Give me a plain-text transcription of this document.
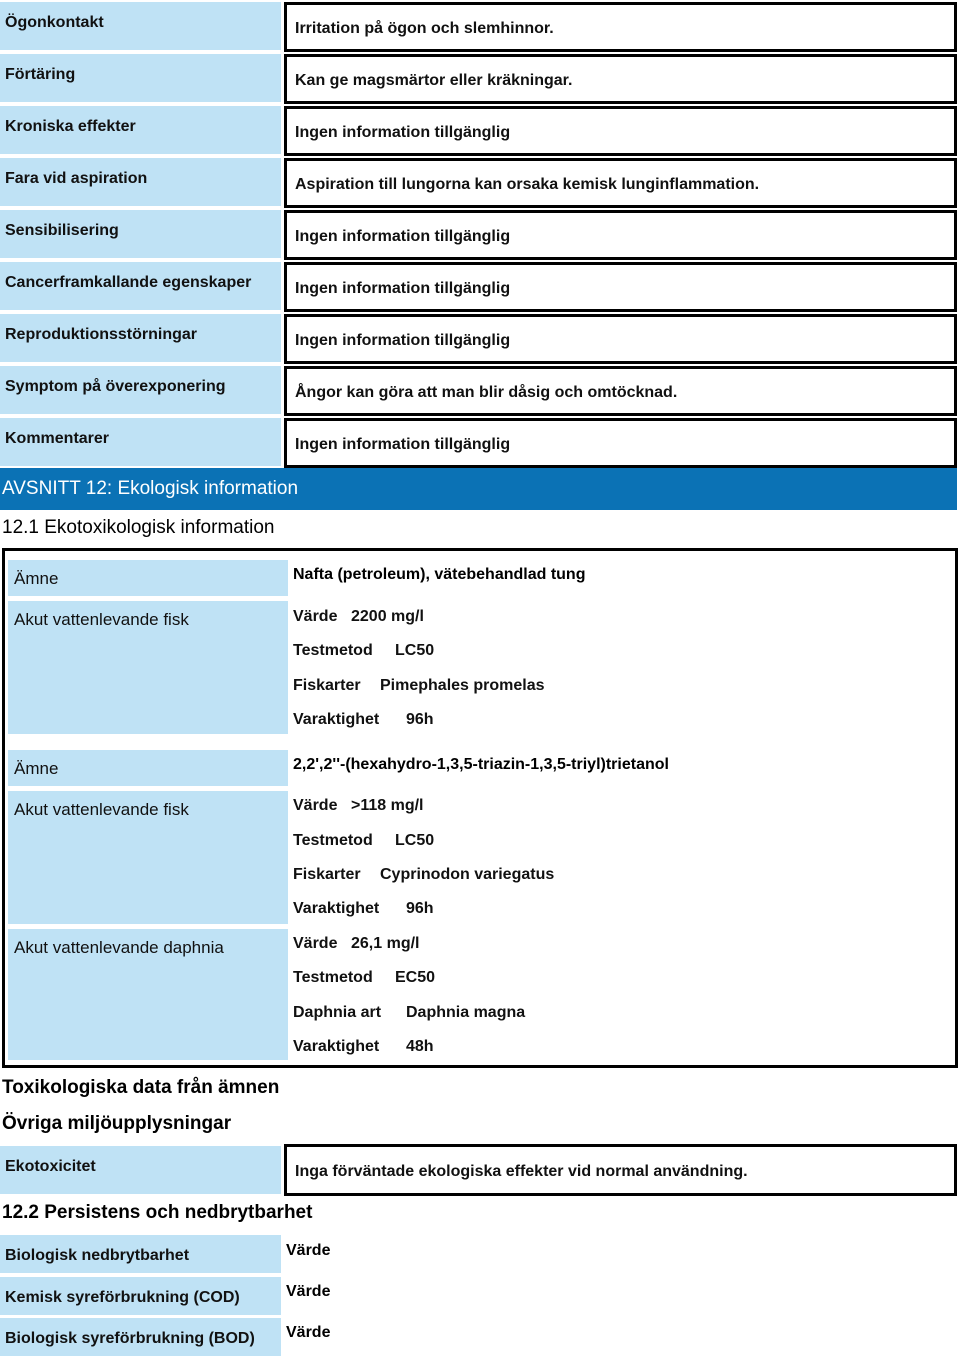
Ögonkontakt	Irritation på ögon och slemhinnor.
Förtäring	Kan ge magsmärtor eller kräkningar.
Kroniska effekter	Ingen information tillgänglig
Fara vid aspiration	Aspiration till lungorna kan orsaka kemisk lunginflammation.
Sensibilisering	Ingen information tillgänglig
Cancerframkallande egenskaper	Ingen information tillgänglig
Reproduktionsstörningar	Ingen information tillgänglig
Symptom på överexponering	Ångor kan göra att man blir dåsig och omtöcknad.
Kommentarer	Ingen information tillgänglig
AVSNITT 12: Ekologisk information
12.1 Ekotoxikologisk information
Ämne	Nafta (petroleum), vätebehandlad tung
Akut vattenlevande fisk	Värde 2200 mg/l
Testmetod LC50
Fiskarter Pimephales promelas
Varaktighet 96h
Ämne	2,2',2''-(hexahydro-1,3,5-triazin-1,3,5-triyl)trietanol
Akut vattenlevande fisk	Värde >118 mg/l
Testmetod LC50
Fiskarter Cyprinodon variegatus
Varaktighet 96h
Akut vattenlevande daphnia	Värde 26,1 mg/l
Testmetod EC50
Daphnia art Daphnia magna
Varaktighet 48h
Toxikologiska data från ämnen
Övriga miljöupplysningar
Ekotoxicitet	Inga förväntade ekologiska effekter vid normal användning.
12.2 Persistens och nedbrytbarhet
Biologisk nedbrytbarhet	Värde
Kemisk syreförbrukning (COD)	Värde
Biologisk syreförbrukning (BOD) Värde
